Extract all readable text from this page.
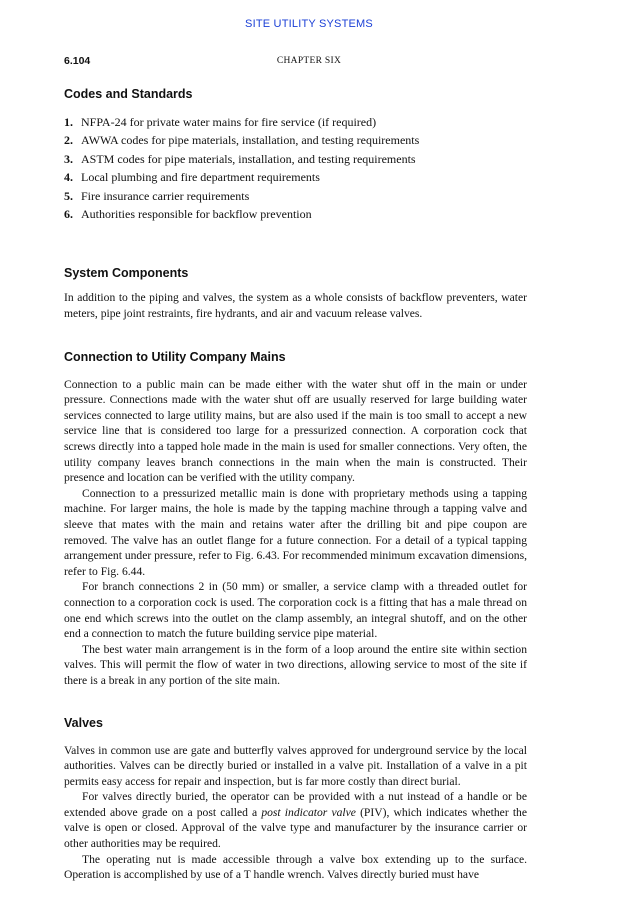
SITE UTILITY SYSTEMS
6.104	CHAPTER SIX
Codes and Standards
1. NFPA-24 for private water mains for fire service (if required)
2. AWWA codes for pipe materials, installation, and testing requirements
3. ASTM codes for pipe materials, installation, and testing requirements
4. Local plumbing and fire department requirements
5. Fire insurance carrier requirements
6. Authorities responsible for backflow prevention
System Components

In addition to the piping and valves, the system as a whole consists of backflow preventers, water meters, pipe joint restraints, fire hydrants, and air and vacuum release valves.

Connection to Utility Company Mains

Connection to a public main can be made either with the water shut off in the main or under pressure. Connections made with the water shut off are usually reserved for large building water services connected to large utility mains, but are also used if the main is too small to accept a new service line that is considered too large for a pressurized connection. A corporation cock that screws directly into a tapped hole made in the main is used for smaller connections. Very often, the utility company leaves branch connections in the main when the main is constructed. Their presence and location can be verified with the utility company.

Connection to a pressurized metallic main is done with proprietary methods using a tapping machine. For larger mains, the hole is made by the tapping machine through a tapping valve and sleeve that mates with the main and retains water after the drilling bit and pipe coupon are removed. The valve has an outlet flange for a future connection. For a detail of a typical tapping arrangement under pressure, refer to Fig. 6.43. For recommended minimum excavation dimensions, refer to Fig. 6.44.

For branch connections 2 in (50 mm) or smaller, a service clamp with a threaded outlet for connection to a corporation cock is used. The corporation cock is a fitting that has a male thread on one end which screws into the outlet on the clamp assembly, an integral shutoff, and on the other end a connection to match the future building service pipe material.

The best water main arrangement is in the form of a loop around the entire site within section valves. This will permit the flow of water in two directions, allowing service to most of the site if there is a break in any portion of the site main.

Valves

Valves in common use are gate and butterfly valves approved for underground service by the local authorities. Valves can be directly buried or installed in a valve pit. Installation of a valve in a pit permits easy access for repair and inspection, but is far more costly than direct burial.

For valves directly buried, the operator can be provided with a nut instead of a handle or be extended above grade on a post called a post indicator valve (PIV), which indicates whether the valve is open or closed. Approval of the valve type and manufacturer by the insurance carrier or other authorities may be required.

The operating nut is made accessible through a valve box extending up to the surface. Operation is accomplished by use of a T handle wrench. Valves directly buried must have
